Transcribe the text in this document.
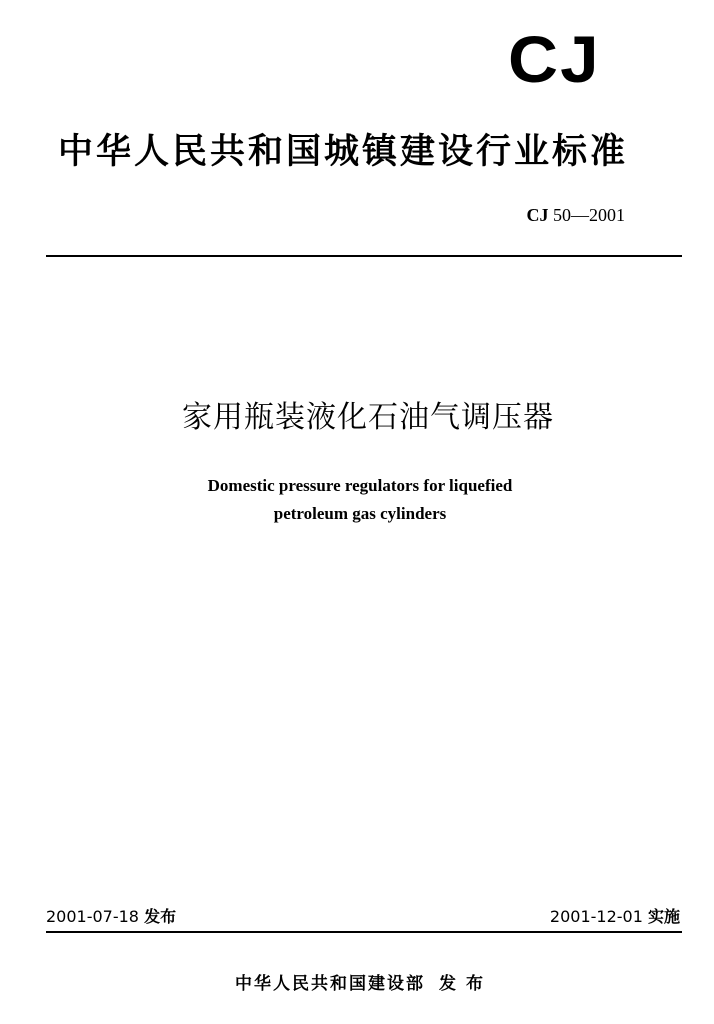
CJ
中华人民共和国城镇建设行业标准
CJ 50—2001
家用瓶装液化石油气调压器
Domestic pressure regulators for liquefied
petroleum gas cylinders
2001-07-18 发布	2001-12-01 实施
中华人民共和国建设部 发 布
